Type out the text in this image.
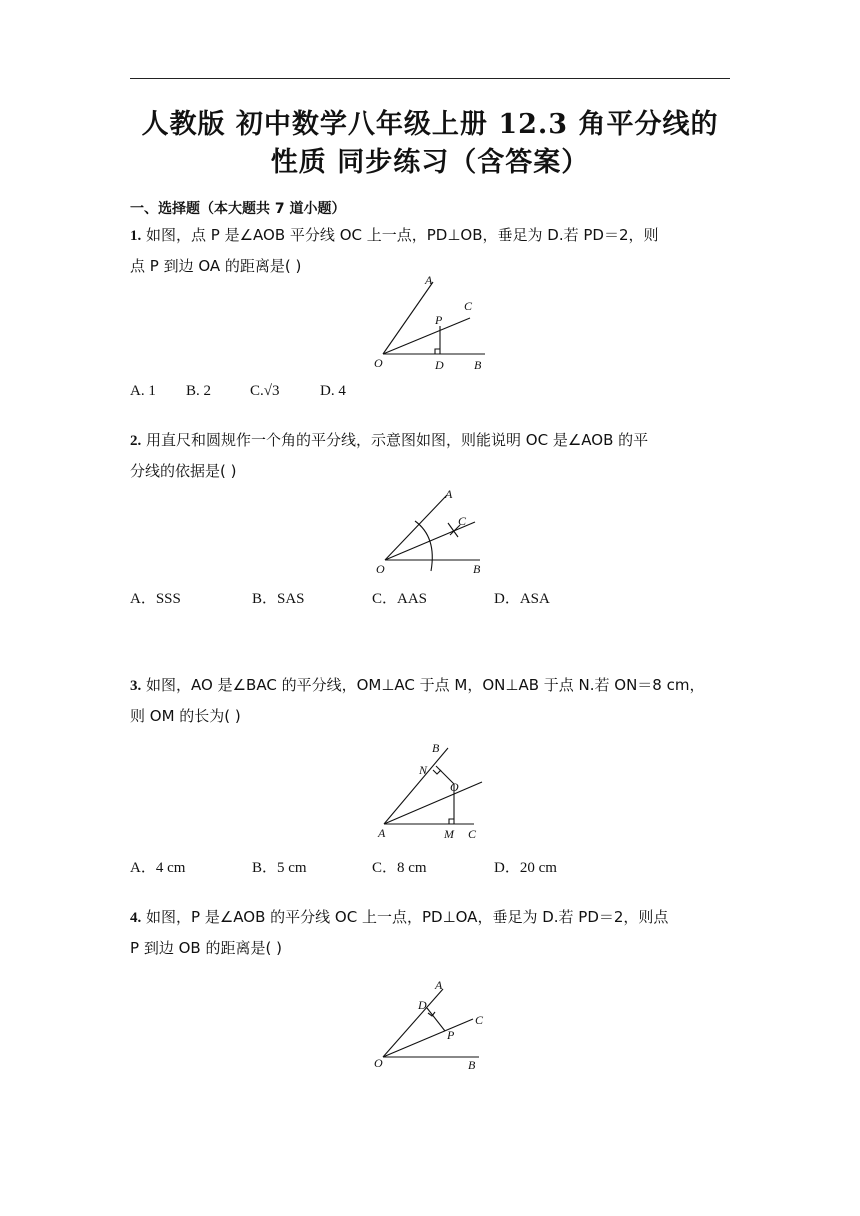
人教版 初中数学八年级上册 12.3 角平分线的
性质 同步练习（含答案）
一、选择题（本大题共 7 道小题）
1. 如图，点 P 是∠AOB 平分线 OC 上一点，PD⊥OB，垂足为 D.若 PD＝2，则
点 P 到边 OA 的距离是( )
A
C
P
O	D	B
A. 1 B. 2	C.√3	D. 4
2. 用直尺和圆规作一个角的平分线，示意图如图，则能说明 OC 是∠AOB 的平
分线的依据是( )
A
C
O	B
A．SSS	B．SAS	C．AAS	D．ASA
3. 如图，AO 是∠BAC 的平分线，OM⊥AC 于点 M，ON⊥AB 于点 N.若 ON＝8 cm，
则 OM 的长为( )
B
N
O
A	M C
A．4 cm	B．5 cm	C．8 cm	D．20 cm
4. 如图，P 是∠AOB 的平分线 OC 上一点，PD⊥OA，垂足为 D.若 PD＝2，则点
P 到边 OB 的距离是( )
A
D
C
P
O	B
